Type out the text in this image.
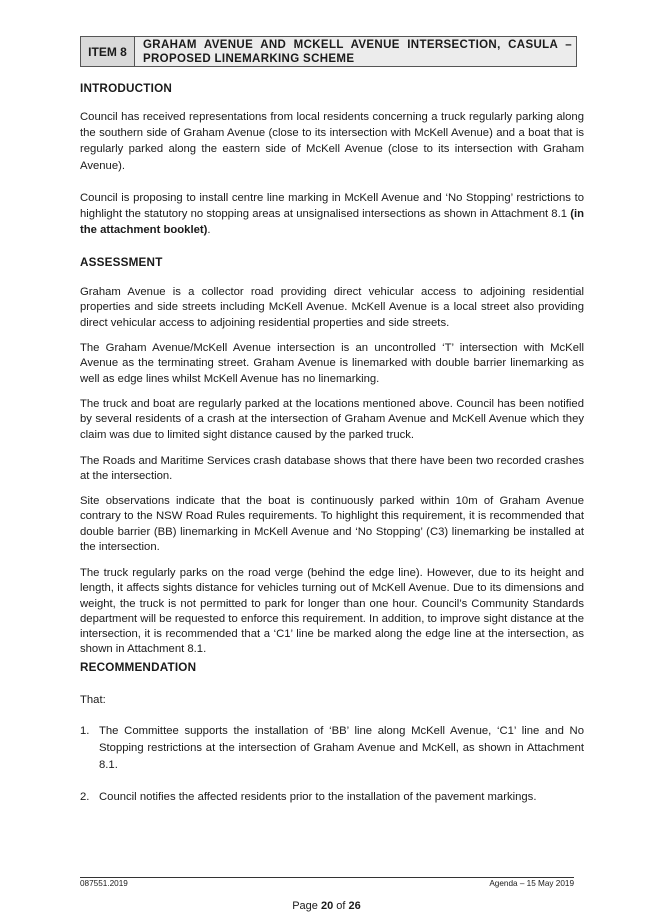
ITEM 8	GRAHAM AVENUE AND MCKELL AVENUE INTERSECTION, CASULA – PROPOSED LINEMARKING SCHEME
INTRODUCTION

Council has received representations from local residents concerning a truck regularly parking along the southern side of Graham Avenue (close to its intersection with McKell Avenue) and a boat that is regularly parked along the eastern side of McKell Avenue (close to its intersection with Graham Avenue).

Council is proposing to install centre line marking in McKell Avenue and ‘No Stopping’ restrictions to highlight the statutory no stopping areas at unsignalised intersections as shown in Attachment 8.1 (in the attachment booklet).

ASSESSMENT

Graham Avenue is a collector road providing direct vehicular access to adjoining residential properties and side streets including McKell Avenue. McKell Avenue is a local street also providing direct vehicular access to adjoining residential properties and side streets.

The Graham Avenue/McKell Avenue intersection is an uncontrolled ‘T’ intersection with McKell Avenue as the terminating street. Graham Avenue is linemarked with double barrier linemarking as well as edge lines whilst McKell Avenue has no linemarking.

The truck and boat are regularly parked at the locations mentioned above. Council has been notified by several residents of a crash at the intersection of Graham Avenue and McKell Avenue which they claim was due to limited sight distance caused by the parked truck.

The Roads and Maritime Services crash database shows that there have been two recorded crashes at the intersection.

Site observations indicate that the boat is continuously parked within 10m of Graham Avenue contrary to the NSW Road Rules requirements. To highlight this requirement, it is recommended that double barrier (BB) linemarking in McKell Avenue and ‘No Stopping’ (C3) linemarking be installed at the intersection.

The truck regularly parks on the road verge (behind the edge line). However, due to its height and length, it affects sights distance for vehicles turning out of McKell Avenue. Due to its dimensions and weight, the truck is not permitted to park for longer than one hour. Council’s Community Standards department will be requested to enforce this requirement. In addition, to improve sight distance at the intersection, it is recommended that a ‘C1’ line be marked along the edge line at the intersection, as shown in Attachment 8.1.

RECOMMENDATION

That:

1. The Committee supports the installation of ‘BB’ line along McKell Avenue, ‘C1’ line and No Stopping restrictions at the intersection of Graham Avenue and McKell, as shown in Attachment 8.1.
2. Council notifies the affected residents prior to the installation of the pavement markings.
087551.2019	Agenda – 15 May 2019
Page 20 of 26
